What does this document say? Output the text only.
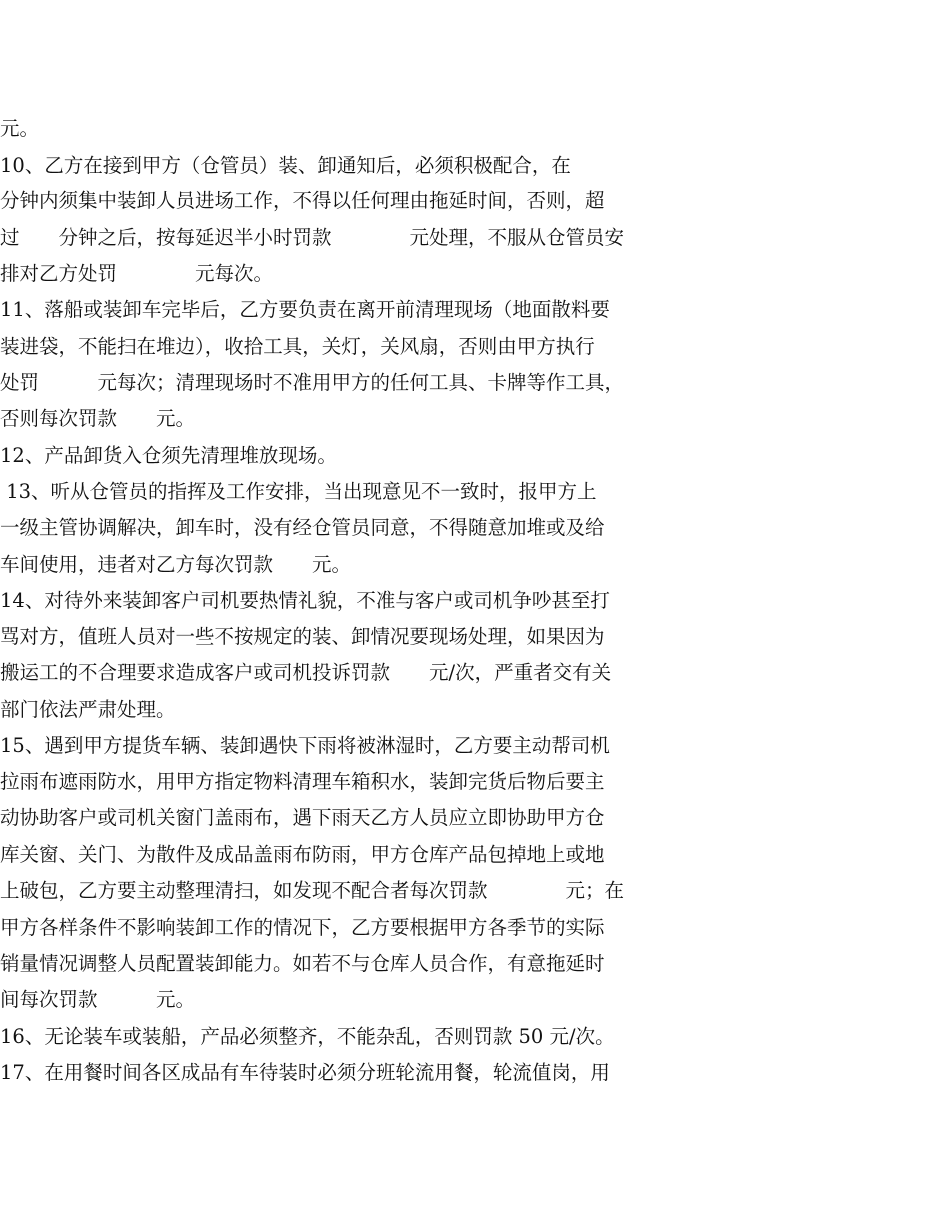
元。
10、乙方在接到甲方（仓管员）装、卸通知后，必须积极配合，在
分钟内须集中装卸人员进场工作，不得以任何理由拖延时间，否则，超
过　　分钟之后，按每延迟半小时罚款　　　　元处理，不服从仓管员安
排对乙方处罚　　　　元每次。
11、落船或装卸车完毕后，乙方要负责在离开前清理现场（地面散料要
装进袋，不能扫在堆边），收拾工具，关灯，关风扇，否则由甲方执行
处罚　　　元每次；清理现场时不准用甲方的任何工具、卡牌等作工具，
否则每次罚款　　元。
12、产品卸货入仓须先清理堆放现场。
13、听从仓管员的指挥及工作安排，当出现意见不一致时，报甲方上
一级主管协调解决，卸车时，没有经仓管员同意，不得随意加堆或及给
车间使用，违者对乙方每次罚款　　元。
14、对待外来装卸客户司机要热情礼貌，不准与客户或司机争吵甚至打
骂对方，值班人员对一些不按规定的装、卸情况要现场处理，如果因为
搬运工的不合理要求造成客户或司机投诉罚款　　元/次，严重者交有关
部门依法严肃处理。
15、遇到甲方提货车辆、装卸遇快下雨将被淋湿时，乙方要主动帮司机
拉雨布遮雨防水，用甲方指定物料清理车箱积水，装卸完货后物后要主
动协助客户或司机关窗门盖雨布，遇下雨天乙方人员应立即协助甲方仓
库关窗、关门、为散件及成品盖雨布防雨，甲方仓库产品包掉地上或地
上破包，乙方要主动整理清扫，如发现不配合者每次罚款　　　　元；在
甲方各样条件不影响装卸工作的情况下，乙方要根据甲方各季节的实际
销量情况调整人员配置装卸能力。如若不与仓库人员合作，有意拖延时
间每次罚款　　　元。
16、无论装车或装船，产品必须整齐，不能杂乱，否则罚款 50 元/次。
17、在用餐时间各区成品有车待装时必须分班轮流用餐，轮流值岗，用
